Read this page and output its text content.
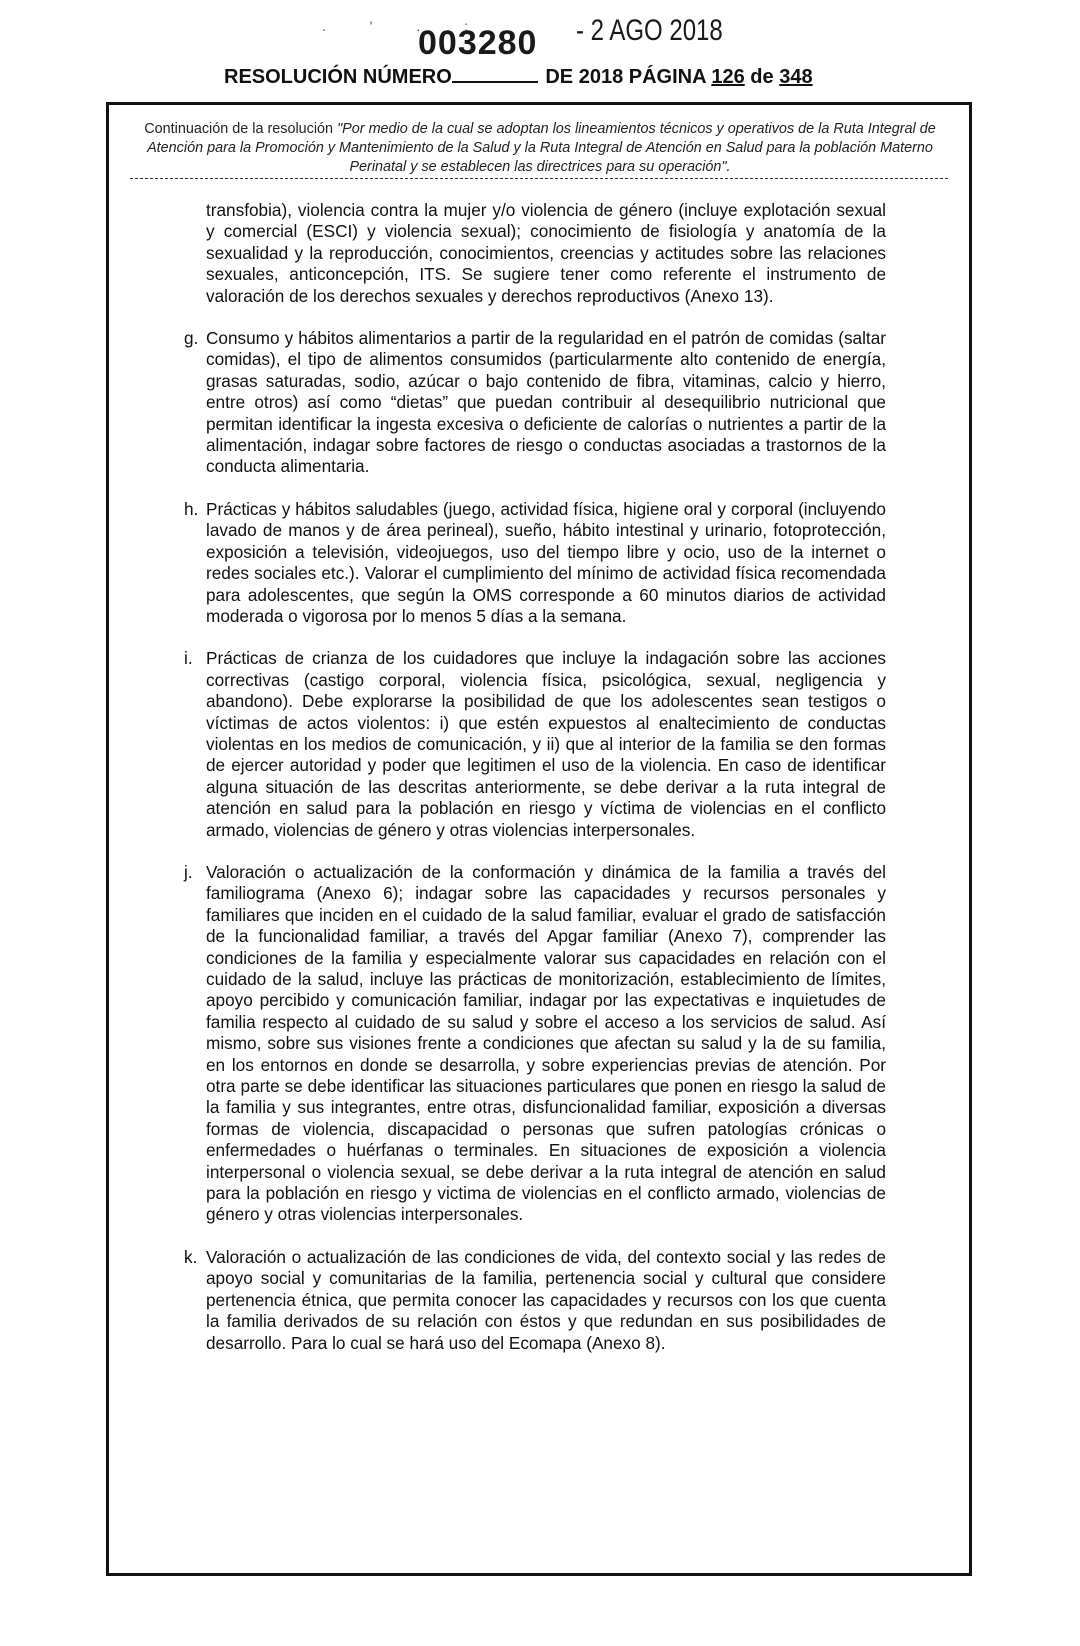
. ' . :
003280 - 2 AGO 2018
RESOLUCIÓN NÚMERO	DE 2018 PÁGINA 126 de 348
Continuación de la resolución "Por medio de la cual se adoptan los lineamientos técnicos y operativos de la Ruta Integral de Atención para la Promoción y Mantenimiento de la Salud y la Ruta Integral de Atención en Salud para la población Materno Perinatal y se establecen las directrices para su operación".

transfobia), violencia contra la mujer y/o violencia de género (incluye explotación sexual y comercial (ESCI) y violencia sexual); conocimiento de fisiología y anatomía de la sexualidad y la reproducción, conocimientos, creencias y actitudes sobre las relaciones sexuales, anticoncepción, ITS. Se sugiere tener como referente el instrumento de valoración de los derechos sexuales y derechos reproductivos (Anexo 13).

g. Consumo y hábitos alimentarios a partir de la regularidad en el patrón de comidas (saltar comidas), el tipo de alimentos consumidos (particularmente alto contenido de energía, grasas saturadas, sodio, azúcar o bajo contenido de fibra, vitaminas, calcio y hierro, entre otros) así como “dietas” que puedan contribuir al desequilibrio nutricional que permitan identificar la ingesta excesiva o deficiente de calorías o nutrientes a partir de la alimentación, indagar sobre factores de riesgo o conductas asociadas a trastornos de la conducta alimentaria.
h. Prácticas y hábitos saludables (juego, actividad física, higiene oral y corporal (incluyendo lavado de manos y de área perineal), sueño, hábito intestinal y urinario, fotoprotección, exposición a televisión, videojuegos, uso del tiempo libre y ocio, uso de la internet o redes sociales etc.). Valorar el cumplimiento del mínimo de actividad física recomendada para adolescentes, que según la OMS corresponde a 60 minutos diarios de actividad moderada o vigorosa por lo menos 5 días a la semana.
i. Prácticas de crianza de los cuidadores que incluye la indagación sobre las acciones correctivas (castigo corporal, violencia física, psicológica, sexual, negligencia y abandono). Debe explorarse la posibilidad de que los adolescentes sean testigos o víctimas de actos violentos: i) que estén expuestos al enaltecimiento de conductas violentas en los medios de comunicación, y ii) que al interior de la familia se den formas de ejercer autoridad y poder que legitimen el uso de la violencia. En caso de identificar alguna situación de las descritas anteriormente, se debe derivar a la ruta integral de atención en salud para la población en riesgo y víctima de violencias en el conflicto armado, violencias de género y otras violencias interpersonales.
j. Valoración o actualización de la conformación y dinámica de la familia a través del familiograma (Anexo 6); indagar sobre las capacidades y recursos personales y familiares que inciden en el cuidado de la salud familiar, evaluar el grado de satisfacción de la funcionalidad familiar, a través del Apgar familiar (Anexo 7), comprender las condiciones de la familia y especialmente valorar sus capacidades en relación con el cuidado de la salud, incluye las prácticas de monitorización, establecimiento de límites, apoyo percibido y comunicación familiar, indagar por las expectativas e inquietudes de familia respecto al cuidado de su salud y sobre el acceso a los servicios de salud. Así mismo, sobre sus visiones frente a condiciones que afectan su salud y la de su familia, en los entornos en donde se desarrolla, y sobre experiencias previas de atención. Por otra parte se debe identificar las situaciones particulares que ponen en riesgo la salud de la familia y sus integrantes, entre otras, disfuncionalidad familiar, exposición a diversas formas de violencia, discapacidad o personas que sufren patologías crónicas o enfermedades o huérfanas o terminales. En situaciones de exposición a violencia interpersonal o violencia sexual, se debe derivar a la ruta integral de atención en salud para la población en riesgo y victima de violencias en el conflicto armado, violencias de género y otras violencias interpersonales.
k. Valoración o actualización de las condiciones de vida, del contexto social y las redes de apoyo social y comunitarias de la familia, pertenencia social y cultural que considere pertenencia étnica, que permita conocer las capacidades y recursos con los que cuenta la familia derivados de su relación con éstos y que redundan en sus posibilidades de desarrollo. Para lo cual se hará uso del Ecomapa (Anexo 8).
